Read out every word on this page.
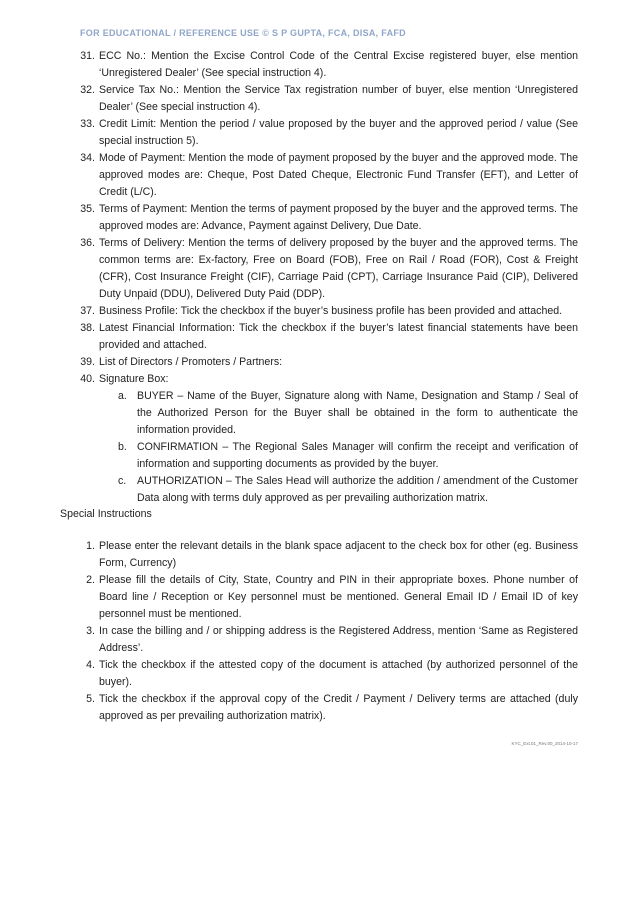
FOR EDUCATIONAL / REFERENCE USE © S P GUPTA, FCA, DISA, FAFD
31. ECC No.: Mention the Excise Control Code of the Central Excise registered buyer, else mention ‘Unregistered Dealer’ (See special instruction 4).
32. Service Tax No.: Mention the Service Tax registration number of buyer, else mention ‘Unregistered Dealer’ (See special instruction 4).
33. Credit Limit: Mention the period / value proposed by the buyer and the approved period / value (See special instruction 5).
34. Mode of Payment: Mention the mode of payment proposed by the buyer and the approved mode. The approved modes are: Cheque, Post Dated Cheque, Electronic Fund Transfer (EFT), and Letter of Credit (L/C).
35. Terms of Payment: Mention the terms of payment proposed by the buyer and the approved terms. The approved modes are: Advance, Payment against Delivery, Due Date.
36. Terms of Delivery: Mention the terms of delivery proposed by the buyer and the approved terms. The common terms are: Ex-factory, Free on Board (FOB), Free on Rail / Road (FOR), Cost & Freight (CFR), Cost Insurance Freight (CIF), Carriage Paid (CPT), Carriage Insurance Paid (CIP), Delivered Duty Unpaid (DDU), Delivered Duty Paid (DDP).
37. Business Profile: Tick the checkbox if the buyer’s business profile has been provided and attached.
38. Latest Financial Information: Tick the checkbox if the buyer’s latest financial statements have been provided and attached.
39. List of Directors / Promoters / Partners:
40. Signature Box:
a. BUYER – Name of the Buyer, Signature along with Name, Designation and Stamp / Seal of the Authorized Person for the Buyer shall be obtained in the form to authenticate the information provided.
b. CONFIRMATION – The Regional Sales Manager will confirm the receipt and verification of information and supporting documents as provided by the buyer.
c. AUTHORIZATION – The Sales Head will authorize the addition / amendment of the Customer Data along with terms duly approved as per prevailing authorization matrix.
Special Instructions
1. Please enter the relevant details in the blank space adjacent to the check box for other (eg. Business Form, Currency)
2. Please fill the details of City, State, Country and PIN in their appropriate boxes. Phone number of Board line / Reception or Key personnel must be mentioned. General Email ID / Email ID of key personnel must be mentioned.
3. In case the billing and / or shipping address is the Registered Address, mention ‘Same as Registered Address’.
4. Tick the checkbox if the attested copy of the document is attached (by authorized personnel of the buyer).
5. Tick the checkbox if the approval copy of the Credit / Payment / Delivery terms are attached (duly approved as per prevailing authorization matrix).
KYC_Ext.01_Rev.00_2014-10-17
